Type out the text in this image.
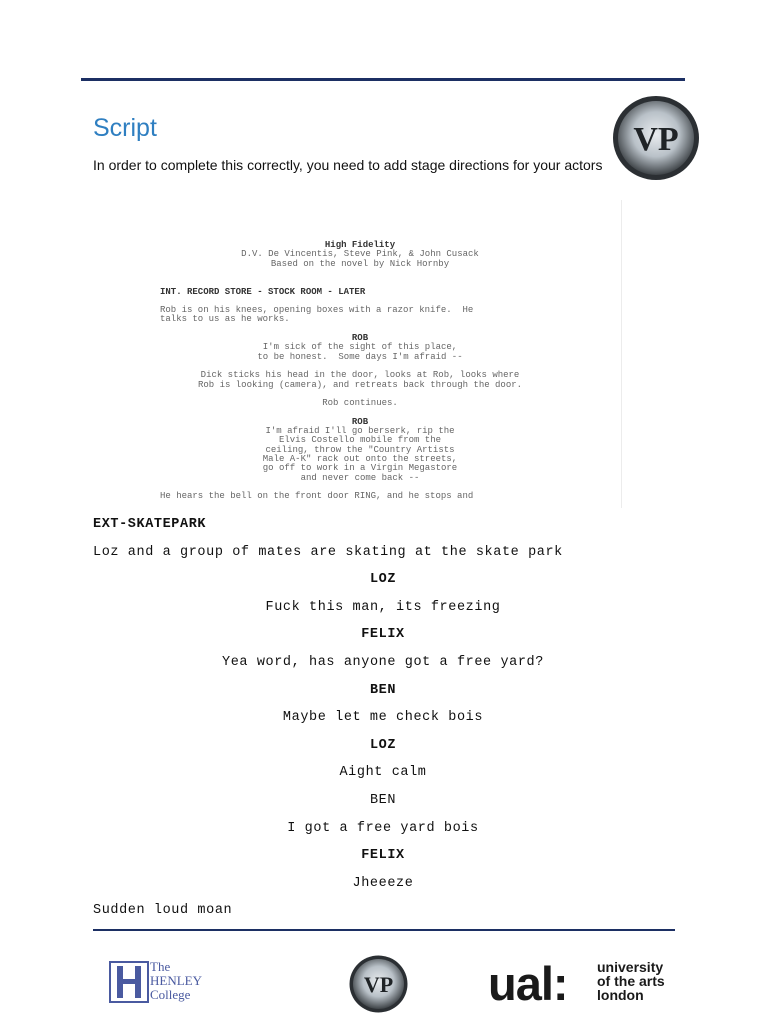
Script
In order to complete this correctly, you need to add stage directions for your actors
VP
High Fidelity
D.V. De Vincentis, Steve Pink, & John Cusack
Based on the novel by Nick Hornby
INT. RECORD STORE - STOCK ROOM - LATER
Rob is on his knees, opening boxes with a razor knife.  He
talks to us as he works.
ROB
I'm sick of the sight of this place,
to be honest.  Some days I'm afraid --
Dick sticks his head in the door, looks at Rob, looks where
Rob is looking (camera), and retreats back through the door.
Rob continues.
ROB
I'm afraid I'll go berserk, rip the
Elvis Costello mobile from the
ceiling, throw the "Country Artists
Male A-K" rack out onto the streets,
go off to work in a Virgin Megastore
and never come back --
He hears the bell on the front door RING, and he stops and
EXT-SKATEPARK
Loz and a group of mates are skating at the skate park
LOZ
Fuck this man, its freezing
FELIX
Yea word, has anyone got a free yard?
BEN
Maybe let me check bois
LOZ
Aight calm
BEN
I got a free yard bois
FELIX
Jheeeze
Sudden loud moan
The
HENLEY
College	VP ual: university
of the arts
london
